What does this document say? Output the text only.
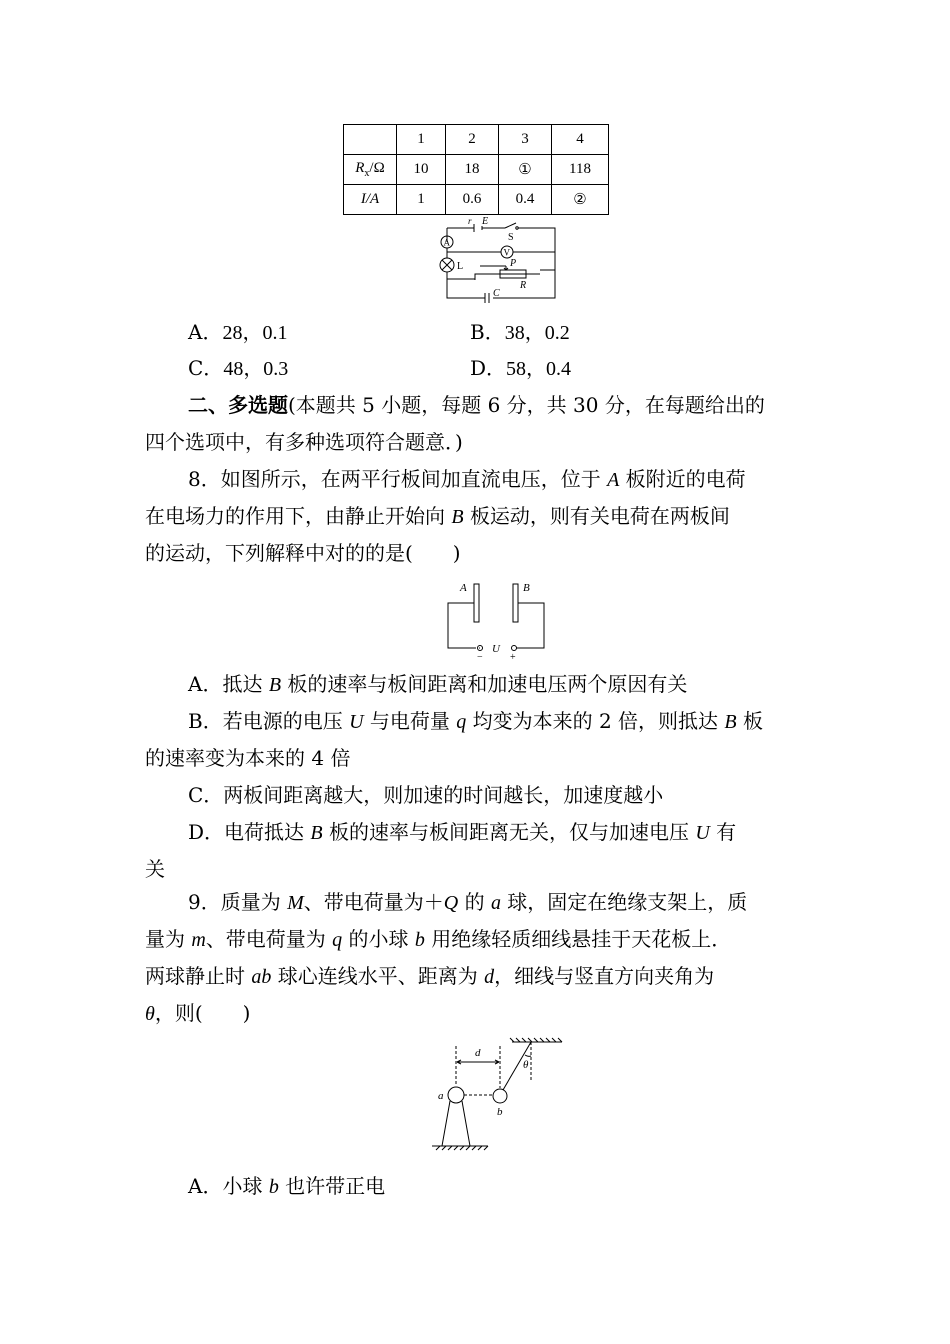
	1	2	3	4
$R_x/\Omega$	10	18	①	118
I/A	1	0.6	0.4	②
r E
S
A
V
L
C
P
R
A．28，0.1	B．38，0.2
C．48，0.3	D．58，0.4
二、多选题(本题共 5 小题，每题 6 分，共 30 分，在每题给出的
四个选项中，有多种选项符合题意．)
8．如图所示，在两平行板间加直流电压，位于 A 板附近的电荷
在电场力的作用下，由静止开始向 B 板运动，则有关电荷在两板间
的运动，下列解释中对的的是(　　)
A	B
U
−	+
A．抵达 B 板的速率与板间距离和加速电压两个原因有关
B．若电源的电压 U 与电荷量 q 均变为本来的 2 倍，则抵达 B 板
的速率变为本来的 4 倍
C．两板间距离越大，则加速的时间越长，加速度越小
D．电荷抵达 B 板的速率与板间距离无关，仅与加速电压 U 有
关
9．质量为 M、带电荷量为＋Q 的 a 球，固定在绝缘支架上，质
量为 m、带电荷量为 q 的小球 b 用绝缘轻质细线悬挂于天花板上．
两球静止时 ab 球心连线水平、距离为 d，细线与竖直方向夹角为
θ，则(　　)
θ
b
a
d
A．小球 b 也许带正电
